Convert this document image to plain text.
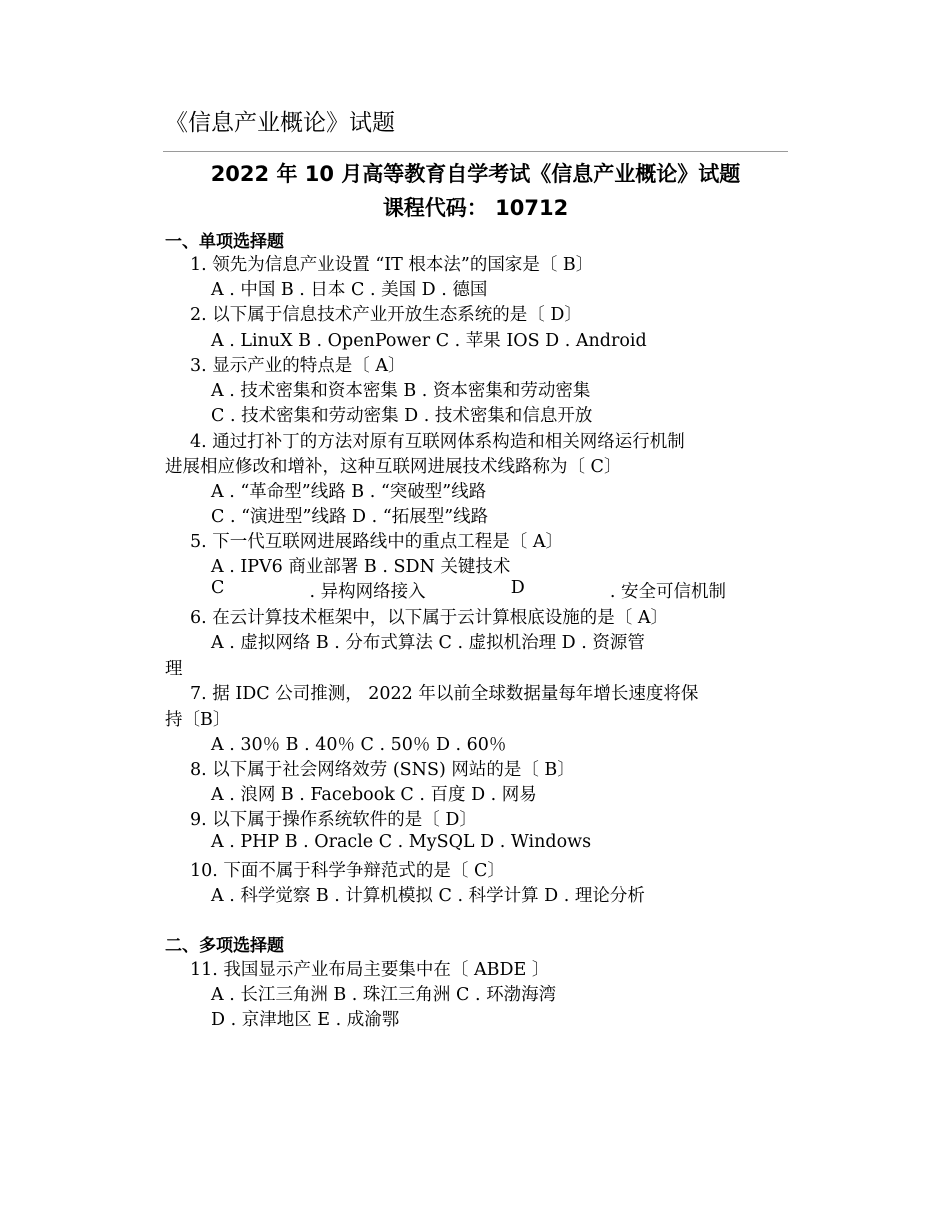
《信息产业概论》试题
2022 年 10 月高等教育自学考试《信息产业概论》试题
课程代码： 10712
一、单项选择题
1. 领先为信息产业设置 “IT 根本法”的国家是〔 B〕
A . 中国 B . 日本 C . 美国 D . 德国
2. 以下属于信息技术产业开放生态系统的是〔 D〕
A . LinuX B . OpenPower C . 苹果 IOS D . Android
3. 显示产业的特点是〔 A〕
A . 技术密集和资本密集 B . 资本密集和劳动密集
C . 技术密集和劳动密集 D . 技术密集和信息开放
4. 通过打补丁的方法对原有互联网体系构造和相关网络运行机制
进展相应修改和增补，这种互联网进展技术线路称为〔 C〕
A . “革命型”线路 B . “突破型”线路
C . “演进型”线路 D . “拓展型”线路
5. 下一代互联网进展路线中的重点工程是〔 A〕
A . IPV6 商业部署 B . SDN 关键技术
C	. 异构网络接入	D	. 安全可信机制
6. 在云计算技术框架中，以下属于云计算根底设施的是〔 A〕
A . 虚拟网络 B . 分布式算法 C . 虚拟机治理 D . 资源管
理
7. 据 IDC 公司推测， 2022 年以前全球数据量每年增长速度将保
持〔B〕
A . 30％ B . 40％ C . 50％ D . 60％
8. 以下属于社会网络效劳 (SNS) 网站的是〔 B〕
A . 浪网 B . Facebook C . 百度 D . 网易
9. 以下属于操作系统软件的是〔 D〕
A . PHP B . Oracle C . MySQL D . Windows
10. 下面不属于科学争辩范式的是〔 C〕
A . 科学觉察 B . 计算机模拟 C . 科学计算 D . 理论分析
二、多项选择题
11. 我国显示产业布局主要集中在〔 ABDE 〕
A . 长江三角洲 B . 珠江三角洲 C . 环渤海湾
D . 京津地区 E . 成渝鄂
